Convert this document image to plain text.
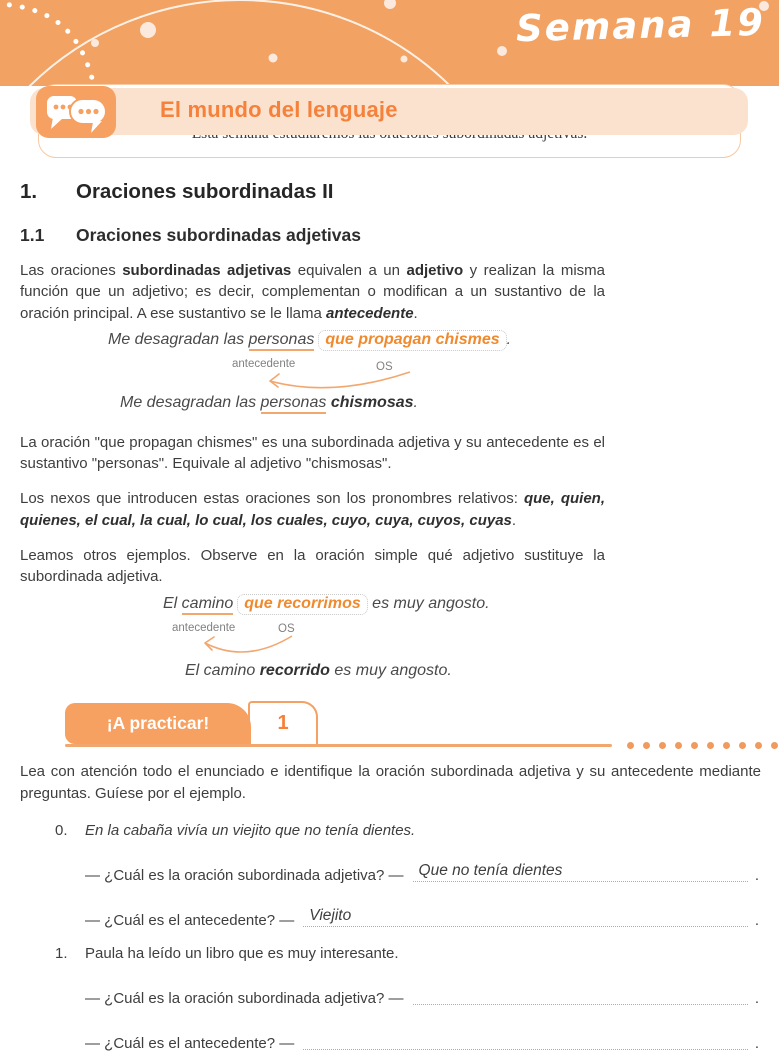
Semana 19
El mundo del lenguaje
1.	Oraciones subordinadas II
1.1	Oraciones subordinadas adjetivas

Las oraciones subordinadas adjetivas equivalen a un adjetivo y realizan la misma función que un adjetivo; es decir, complementan o modifican a un sustantivo de la oración principal. A ese sustantivo se le llama antecedente.

Me desagradan las personas que propagan chismes .
antecedente	OS
Me desagradan las personas chismosas.

La oración "que propagan chismes" es una subordinada adjetiva y su antecedente es el sustantivo "personas". Equivale al adjetivo "chismosas".

Los nexos que introducen estas oraciones son los pronombres relativos: que, quien, quienes, el cual, la cual, lo cual, los cuales, cuyo, cuya, cuyos, cuyas.

Leamos otros ejemplos. Observe en la oración simple qué adjetivo sustituye la subordinada adjetiva.

El camino que recorrimos es muy angosto.
antecedente	OS
El camino recorrido es muy angosto.
1
¡A practicar!

Lea con atención todo el enunciado e identifique la oración subordinada adjetiva y su antecedente mediante preguntas. Guíese por el ejemplo.

0.	En la cabaña vivía un viejito que no tenía dientes.
— ¿Cuál es la oración subordinada adjetiva? — Que no tenía dientes	.
— ¿Cuál es el antecedente? — Viejito	.
1.	Paula ha leído un libro que es muy interesante.
— ¿Cuál es la oración subordinada adjetiva? —	.
— ¿Cuál es el antecedente? —	.
